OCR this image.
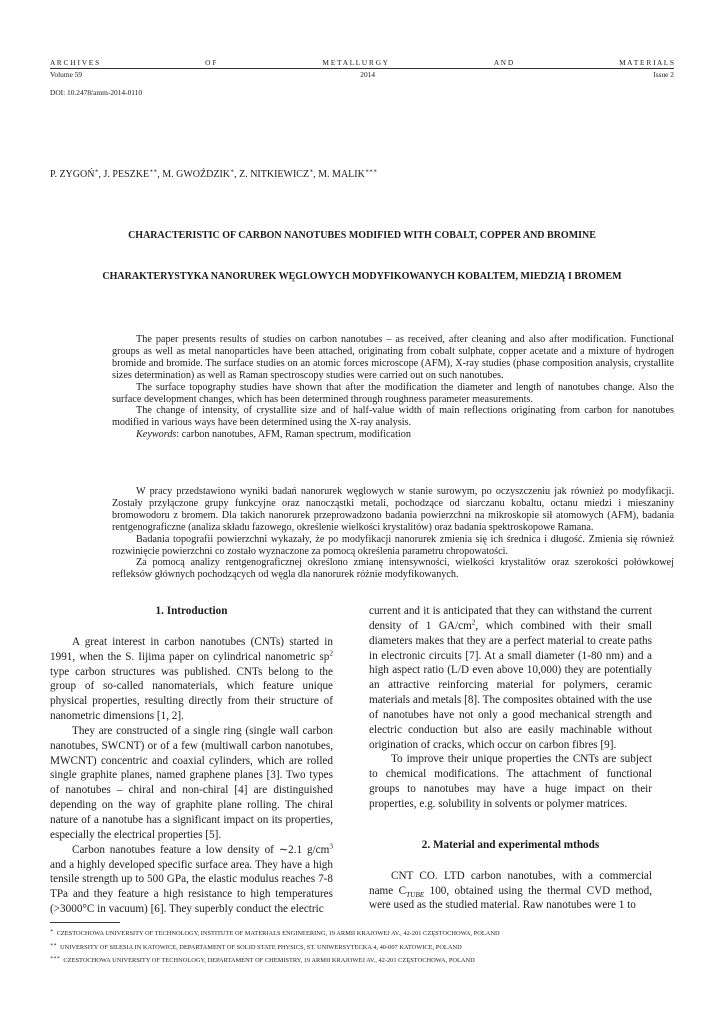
A R C H I V E S	O F	M E T A L L U R G Y	A N D	M A T E R I A L S
Volume 59	2014	Issue 2
DOI: 10.2478/amm-2014-0110
P. ZYGOŃ∗, J. PESZKE∗∗, M. GWOŹDZIK∗, Z. NITKIEWICZ∗, M. MALIK∗∗∗
CHARACTERISTIC OF CARBON NANOTUBES MODIFIED WITH COBALT, COPPER AND BROMINE
CHARAKTERYSTYKA NANORUREK WĘGLOWYCH MODYFIKOWANYCH KOBALTEM, MIEDZIĄ I BROMEM

The paper presents results of studies on carbon nanotubes – as received, after cleaning and also after modification. Functional groups as well as metal nanoparticles have been attached, originating from cobalt sulphate, copper acetate and a mixture of hydrogen bromide and bromide. The surface studies on an atomic forces microscope (AFM), X-ray studies (phase composition analysis, crystallite sizes determination) as well as Raman spectroscopy studies were carried out on such nanotubes.

The surface topography studies have shown that after the modification the diameter and length of nanotubes change. Also the surface development changes, which has been determined through roughness parameter measurements.

The change of intensity, of crystallite size and of half-value width of main reflections originating from carbon for nanotubes modified in various ways have been determined using the X-ray analysis.

Keywords: carbon nanotubes, AFM, Raman spectrum, modification

W pracy przedstawiono wyniki badań nanorurek węglowych w stanie surowym, po oczyszczeniu jak również po modyfikacji. Zostały przyłączone grupy funkcyjne oraz nanocząstki metali, pochodzące od siarczanu kobaltu, octanu miedzi i mieszaniny bromowodoru z bromem. Dla takich nanorurek przeprowadzono badania powierzchni na mikroskopie sił atomowych (AFM), badania rentgenograficzne (analiza składu fazowego, określenie wielkości krystalitów) oraz badania spektroskopowe Ramana.

Badania topografii powierzchni wykazały, że po modyfikacji nanorurek zmienia się ich średnica i długość. Zmienia się również rozwinięcie powierzchni co zostało wyznaczone za pomocą określenia parametru chropowatości.

Za pomocą analizy rentgenograficznej określono zmianę intensywności, wielkości krystalitów oraz szerokości połówkowej refleksów głównych pochodzących od węgla dla nanorurek różnie modyfikowanych.

1. Introduction

A great interest in carbon nanotubes (CNTs) started in 1991, when the S. Iijima paper on cylindrical nanometric $sp^2$ type carbon structures was published. CNTs belong to the group of so-called nanomaterials, which feature unique physical properties, resulting directly from their structure of nanometric dimensions [1, 2].

They are constructed of a single ring (single wall carbon nanotubes, SWCNT) or of a few (multiwall carbon nanotubes, MWCNT) concentric and coaxial cylinders, which are rolled single graphite planes, named graphene planes [3]. Two types of nanotubes – chiral and non-chiral [4] are distinguished depending on the way of graphite plane rolling. The chiral nature of a nanotube has a significant impact on its properties, especially the electrical properties [5].

Carbon nanotubes feature a low density of ∼2.1 $g/cm^3$ and a highly developed specific surface area. They have a high tensile strength up to 500 GPa, the elastic modulus reaches 7-8 TPa and they feature a high resistance to high temperatures (>3000°C in vacuum) [6]. They superbly conduct the electric

current and it is anticipated that they can withstand the current density of 1 $GA/cm^2$, which combined with their small diameters makes that they are a perfect material to create paths in electronic circuits [7]. At a small diameter (1-80 nm) and a high aspect ratio (L/D even above 10,000) they are potentially an attractive reinforcing material for polymers, ceramic materials and metals [8]. The composites obtained with the use of nanotubes have not only a good mechanical strength and electric conduction but also are easily machinable without origination of cracks, which occur on carbon fibres [9].

To improve their unique properties the CNTs are subject to chemical modifications. The attachment of functional groups to nanotubes may have a huge impact on their properties, e.g. solubility in solvents or polymer matrices.

2. Material and experimental mthods

CNT CO. LTD carbon nanotubes, with a commercial name $C_{TUBE}$ 100, obtained using the thermal CVD method, were used as the studied material. Raw nanotubes were 1 to

∗ CZESTOCHOWA UNIVERSITY OF TECHNOLOGY, INSTITUTE OF MATERIALS ENGINEERING, 19 ARMII KRAJOWEJ AV., 42-201 CZĘSTOCHOWA, POLAND
∗∗ UNIVERSITY OF SILESIA IN KATOWICE, DEPARTAMENT OF SOLID STATE PHYSICS, ST. UNIWERSYTECKA 4, 40-007 KATOWICE, POLAND
∗∗∗ CZESTOCHOWA UNIVERSITY OF TECHNOLOGY, DEPARTAMENT OF CHEMISTRY, 19 ARMII KRAJOWEJ AV., 42-201 CZĘSTOCHOWA, POLAND
